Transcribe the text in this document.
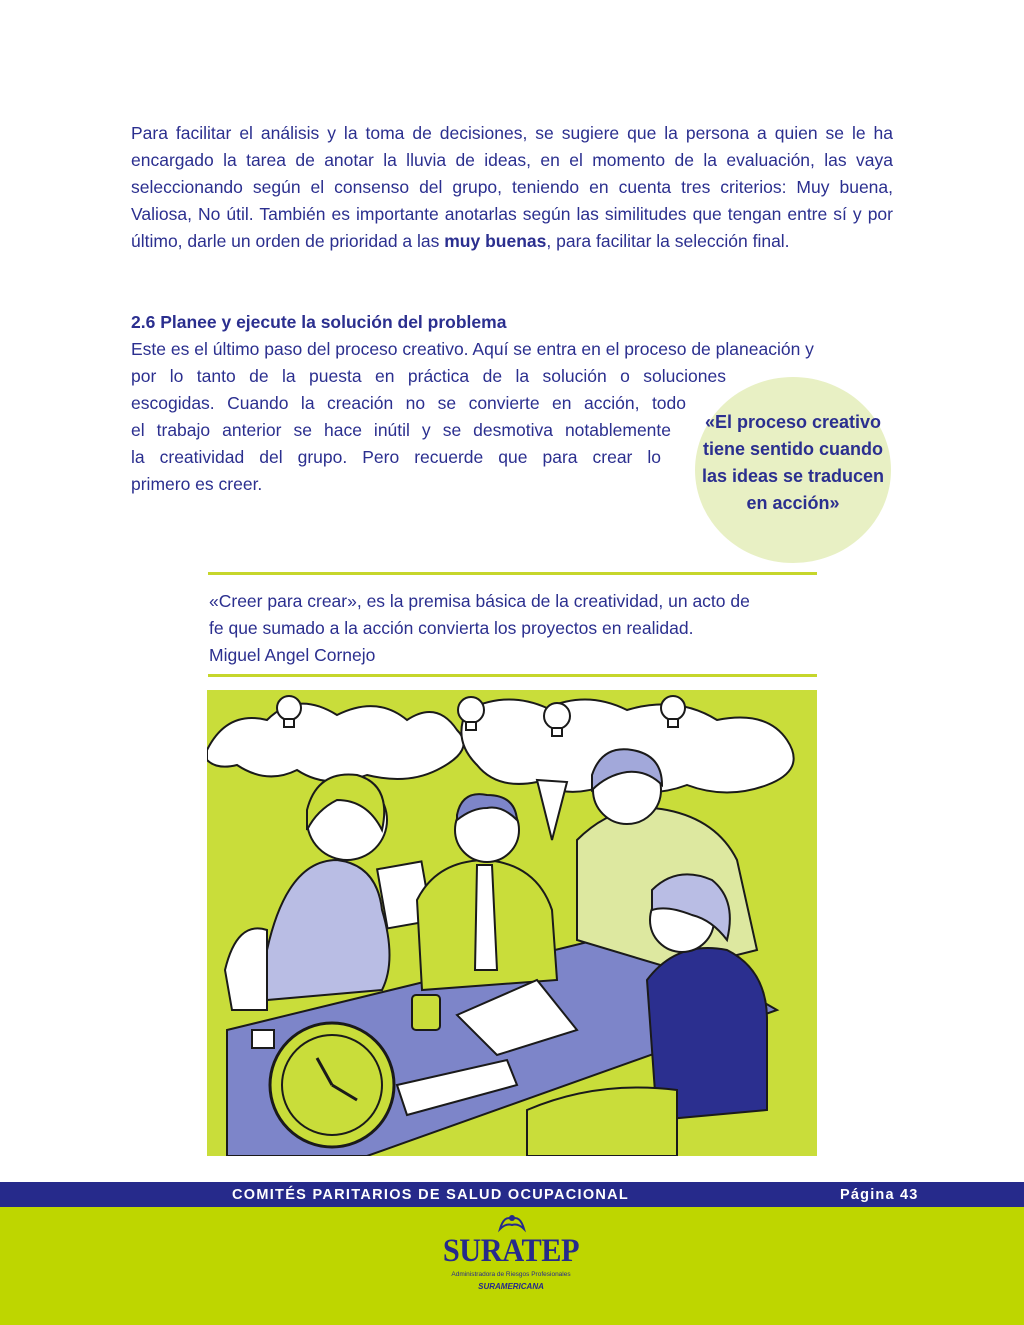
Para facilitar el análisis y la toma de decisiones, se sugiere que la persona a quien se le ha encargado la tarea de anotar la lluvia de ideas, en el momento de la evaluación, las vaya seleccionando según el consenso del grupo, teniendo en cuenta tres criterios: Muy buena, Valiosa, No útil. También es importante anotarlas según las similitudes que tengan entre sí y por último, darle un orden de prioridad a las muy buenas, para facilitar la selección final.

2.6 Planee y ejecute la solución del problema

Este es el último paso del proceso creativo. Aquí se entra en el proceso de planeación y

por lo tanto de la puesta en práctica de la solución o soluciones
escogidas. Cuando la creación no se convierte en acción, todo
el trabajo anterior se hace inútil y se desmotiva notablemente
la creatividad del grupo. Pero recuerde que para crear lo
primero es creer.

«El proceso creativo tiene sentido cuando las ideas se traducen en acción»

«Creer para crear», es la premisa básica de la creatividad, un acto de
fe que sumado a la acción convierta los proyectos en realidad.
Miguel Angel Cornejo

COMITÉS PARITARIOS DE SALUD OCUPACIONAL	Página 43
SURATEP
Administradora de Riesgos Profesionales
SURAMERICANA
